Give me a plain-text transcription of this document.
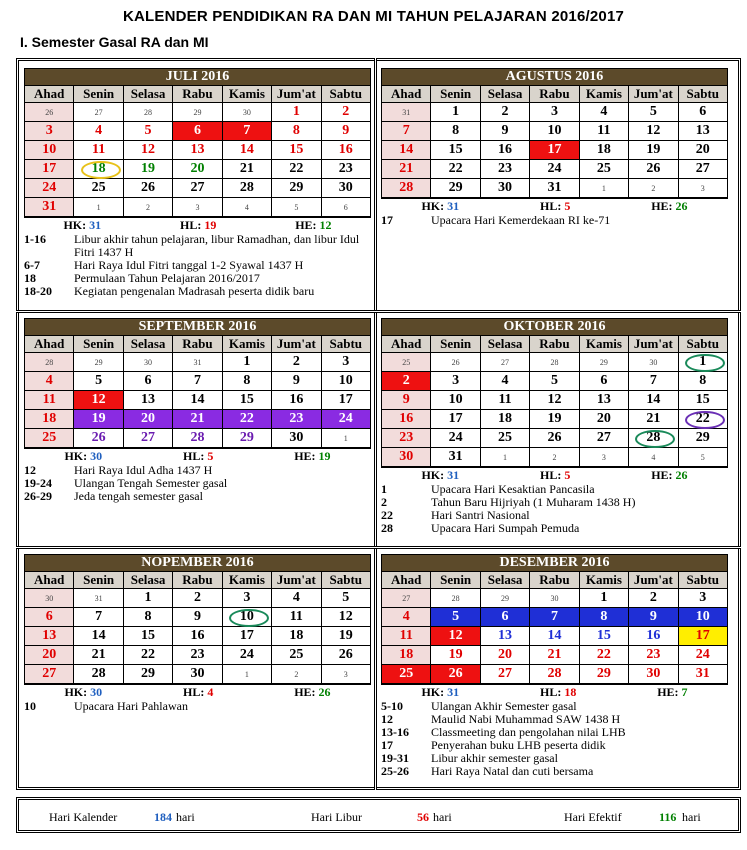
KALENDER PENDIDIKAN RA DAN MI TAHUN PELAJARAN 2016/2017
I. Semester Gasal RA dan MI
JULI 2016						
Ahad	Senin	Selasa	Rabu	Kamis	Jum'at	Sabtu
26	27	28	29	30	1	2
3	4	5	6	7	8	9
10	11	12	13	14	15	16
17	18	19	20	21	22	23
24	25	26	27	28	29	30
31	1	2	3	4	5	6
HK: 31	HL: 19	HE: 12
1-16	Libur akhir tahun pelajaran, libur Ramadhan, dan libur Idul Fitri 1437 H
6-7	Hari Raya Idul Fitri tanggal 1-2 Syawal 1437 H
18	Permulaan Tahun Pelajaran 2016/2017
18-20	Kegiatan pengenalan Madrasah peserta didik baru
AGUSTUS 2016						
Ahad	Senin	Selasa	Rabu	Kamis	Jum'at	Sabtu
31	1	2	3	4	5	6
7	8	9	10	11	12	13
14	15	16	17	18	19	20
21	22	23	24	25	26	27
28	29	30	31	1	2	3
HK: 31	HL: 5	HE: 26
17	Upacara Hari Kemerdekaan RI ke-71
SEPTEMBER 2016						
Ahad	Senin	Selasa	Rabu	Kamis	Jum'at	Sabtu
28	29	30	31	1	2	3
4	5	6	7	8	9	10
11	12	13	14	15	16	17
18	19	20	21	22	23	24
25	26	27	28	29	30	1
HK: 30	HL: 5	HE: 19
12	Hari Raya Idul Adha 1437 H
19-24	Ulangan Tengah Semester gasal
26-29	Jeda tengah semester gasal
OKTOBER 2016						
Ahad	Senin	Selasa	Rabu	Kamis	Jum'at	Sabtu
25	26	27	28	29	30	1

2	3	4	5	6	7	8
9	10	11	12	13	14	15
16	17	18	19	20	21	22

23	24	25	26	27	28	29
30	31	1	2	3	4	5
HK: 31	HL: 5	HE: 26
1	Upacara Hari Kesaktian Pancasila
2	Tahun Baru Hijriyah (1 Muharam 1438 H)
22	Hari Santri Nasional
28	Upacara Hari Sumpah Pemuda
NOPEMBER 2016						
Ahad	Senin	Selasa	Rabu	Kamis	Jum'at	Sabtu
30	31	1	2	3	4	5
6	7	8	9	10	11	12
13	14	15	16	17	18	19
20	21	22	23	24	25	26
27	28	29	30	1	2	3
HK: 30	HL: 4	HE: 26
10	Upacara Hari Pahlawan
DESEMBER 2016						
Ahad	Senin	Selasa	Rabu	Kamis	Jum'at	Sabtu
27	28	29	30	1	2	3
4	5	6	7	8	9	10
11	12	13	14	15	16	17
18	19	20	21	22	23	24
25	26	27	28	29	30	31
HK: 31	HL: 18	HE: 7
5-10	Ulangan Akhir Semester gasal
12	Maulid Nabi Muhammad SAW 1438 H
13-16	Classmeeting dan pengolahan nilai LHB
17	Penyerahan buku LHB peserta didik
19-31	Libur akhir semester gasal
25-26	Hari Raya Natal dan cuti bersama
Hari Kalender	184 hari	Hari Libur	56 hari	Hari Efektif	116 hari
